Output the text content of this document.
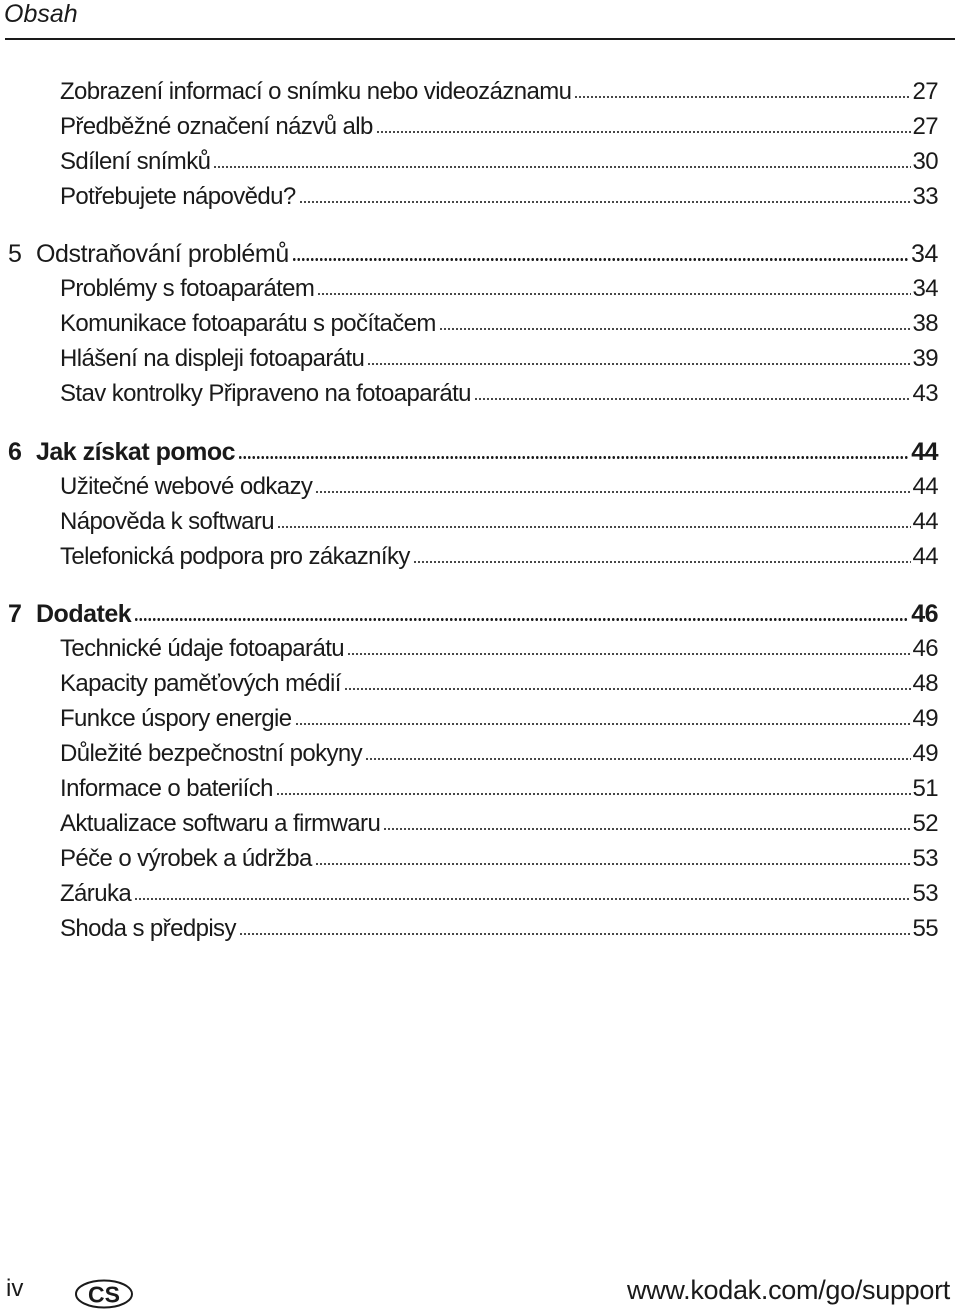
Obsah
Zobrazení informací o snímku nebo videozáznamu	27
Předběžné označení názvů alb	27
Sdílení snímků	30
Potřebujete nápovědu?	33
5 Odstraňování problémů	34
Problémy s fotoaparátem	34
Komunikace fotoaparátu s počítačem	38
Hlášení na displeji fotoaparátu	39
Stav kontrolky Připraveno na fotoaparátu	43
6 Jak získat pomoc	44
Užitečné webové odkazy	44
Nápověda k softwaru	44
Telefonická podpora pro zákazníky	44
7 Dodatek	46
Technické údaje fotoaparátu	46
Kapacity paměťových médií	48
Funkce úspory energie	49
Důležité bezpečnostní pokyny	49
Informace o bateriích	51
Aktualizace softwaru a firmwaru	52
Péče o výrobek a údržba	53
Záruka	53
Shoda s předpisy	55
iv	CS	www.kodak.com/go/support
